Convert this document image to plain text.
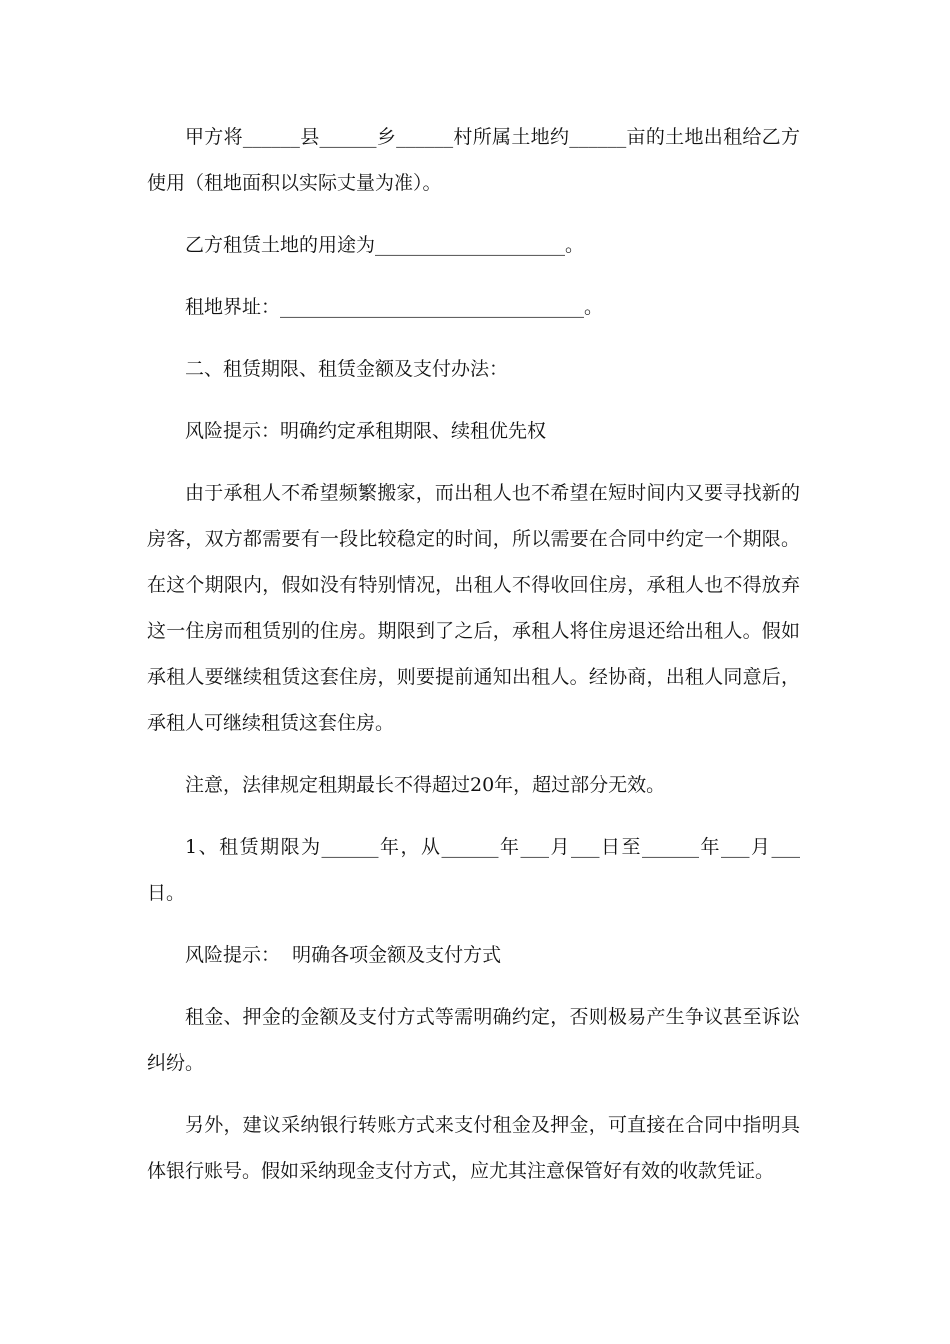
甲方将______县______乡______村所属土地约______亩的土地出租给乙方使用（租地面积以实际丈量为准）。

乙方租赁土地的用途为____________________。

租地界址：________________________________。

二、租赁期限、租赁金额及支付办法：

风险提示：明确约定承租期限、续租优先权

由于承租人不希望频繁搬家，而出租人也不希望在短时间内又要寻找新的房客，双方都需要有一段比较稳定的时间，所以需要在合同中约定一个期限。在这个期限内，假如没有特别情况，出租人不得收回住房，承租人也不得放弃这一住房而租赁别的住房。期限到了之后，承租人将住房退还给出租人。假如承租人要继续租赁这套住房，则要提前通知出租人。经协商，出租人同意后，承租人可继续租赁这套住房。

注意，法律规定租期最长不得超过20年，超过部分无效。

1、租赁期限为______年，从______年___月___日至______年___月___日。

风险提示：  明确各项金额及支付方式

租金、押金的金额及支付方式等需明确约定，否则极易产生争议甚至诉讼纠纷。

另外，建议采纳银行转账方式来支付租金及押金，可直接在合同中指明具体银行账号。假如采纳现金支付方式，应尤其注意保管好有效的收款凭证。
